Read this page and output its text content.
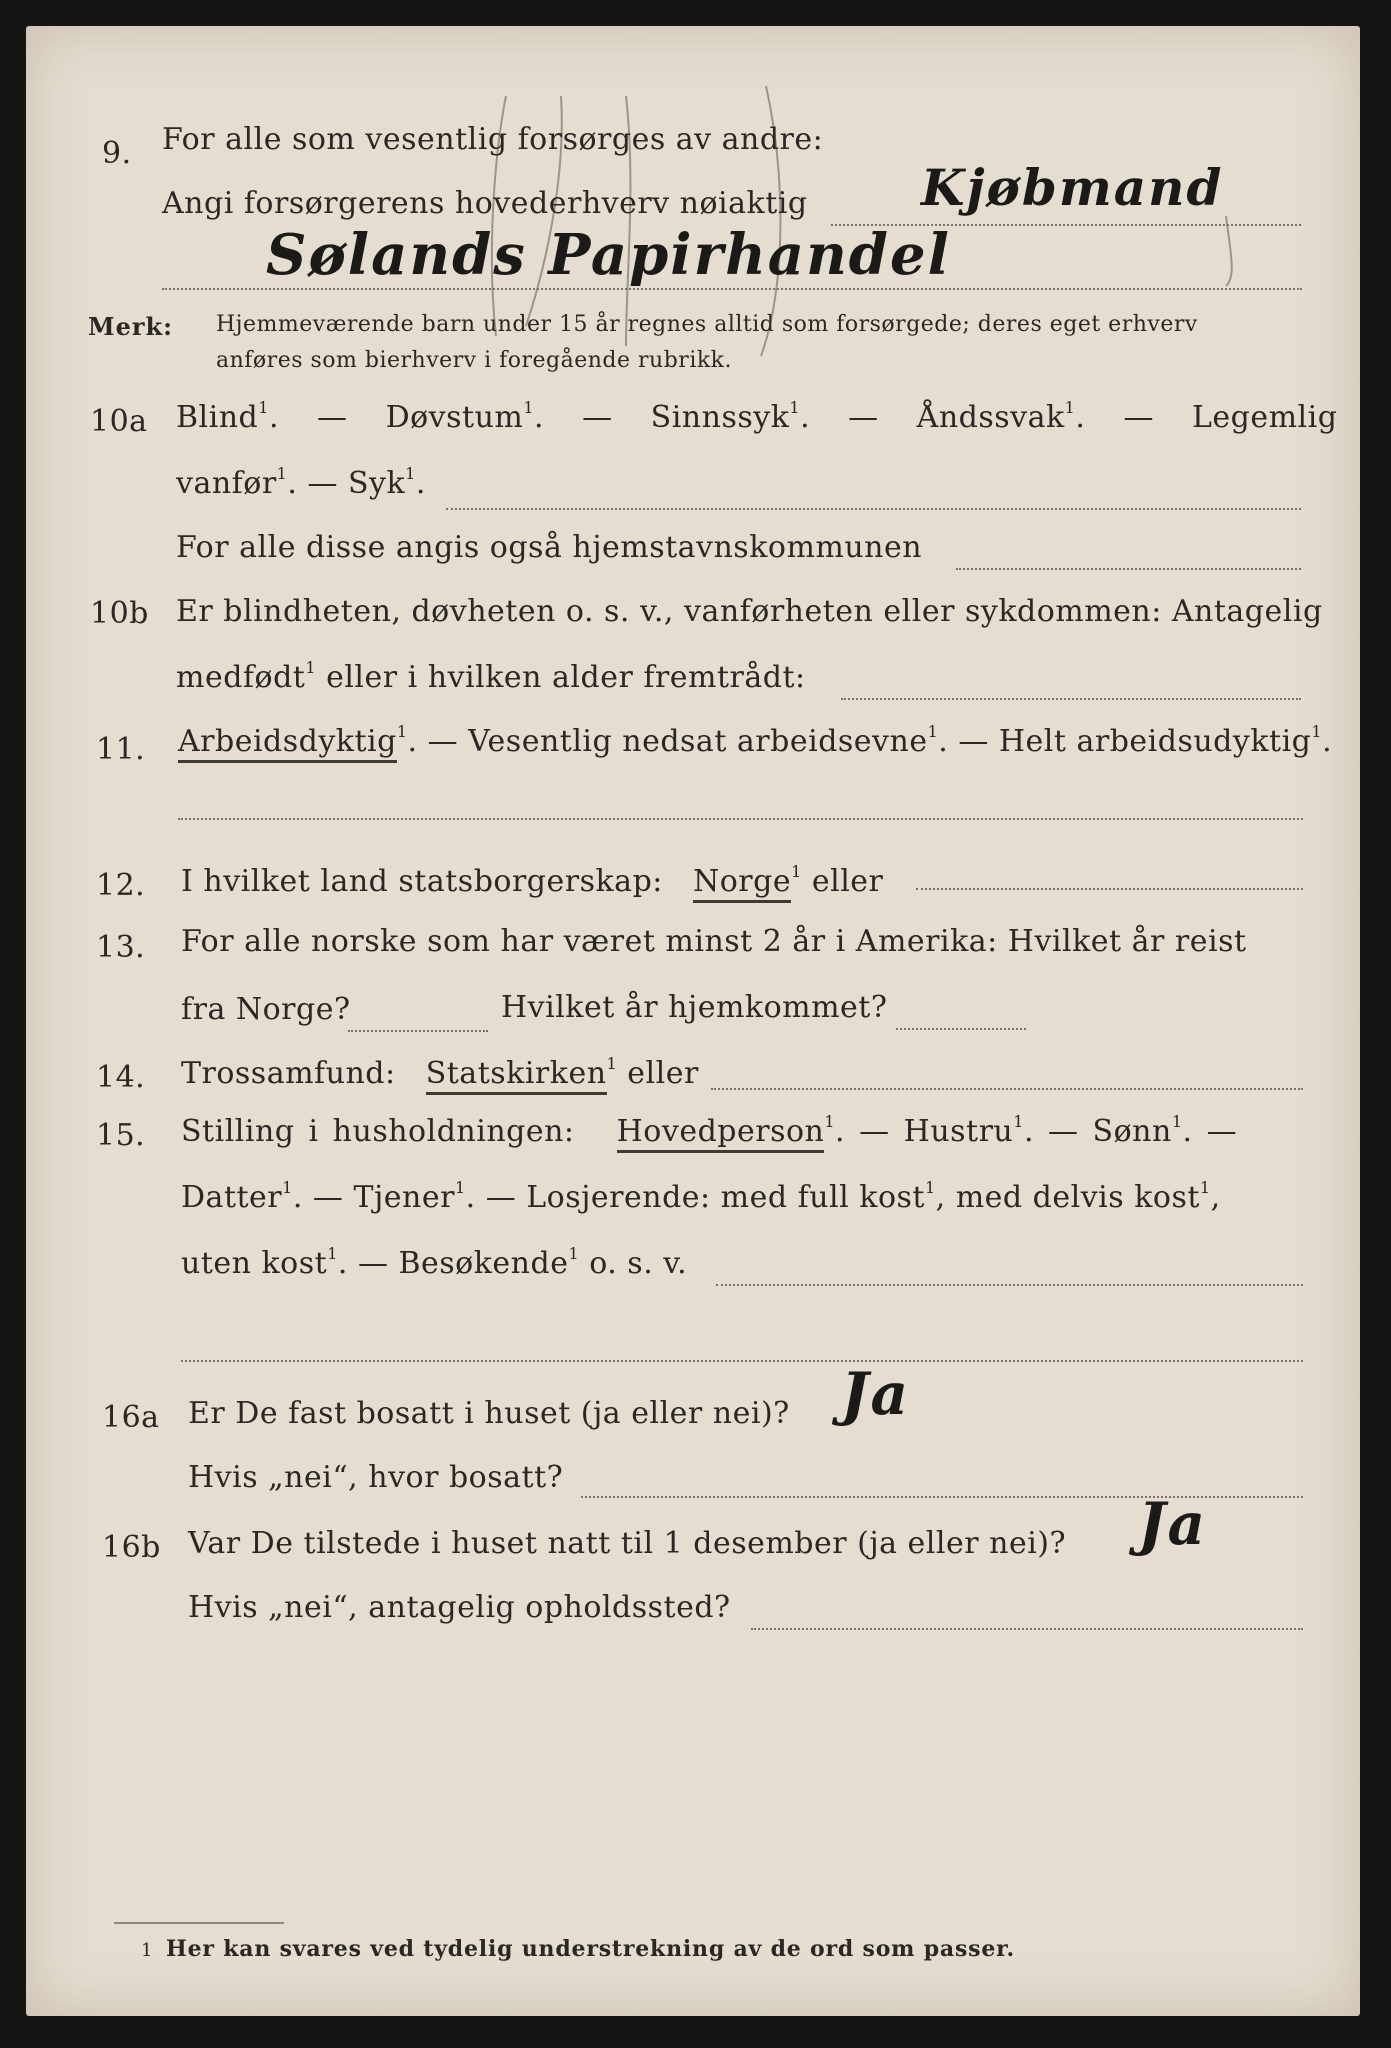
9. For alle som vesentlig forsørges av andre:
Angi forsørgerens hovederhverv nøiaktig Kjøbmand
Sølands Papirhandel
Merk: Hjemmeværende barn under 15 år regnes alltid som forsørgede; deres eget erhverv
anføres som bierhverv i foregående rubrikk.
10a Blind$^1$. — Døvstum$^1$. — Sinnssyk$^1$. — Åndssvak$^1$. — Legemlig
vanfør$^1$. — Syk$^1$.
For alle disse angis også hjemstavnskommunen
10b Er blindheten, døvheten o. s. v., vanførheten eller sykdommen: Antagelig
medfødt$^1$ eller i hvilken alder fremtrådt:
11. Arbeidsdyktig$^1$. — Vesentlig nedsat arbeidsevne$^1$. — Helt arbeidsudyktig$^1$.
12. I hvilket land statsborgerskap: Norge$^1$ eller
13. For alle norske som har været minst 2 år i Amerika: Hvilket år reist
fra Norge?	Hvilket år hjemkommet?
14. Trossamfund: Statskirken$^1$ eller
15. Stilling i husholdningen: Hovedperson$^1$. — Hustru$^1$. — Sønn$^1$. —
Datter$^1$. — Tjener$^1$. — Losjerende: med full kost$^1$, med delvis kost$^1$,
uten kost$^1$. — Besøkende$^1$ o. s. v.
16a Er De fast bosatt i huset (ja eller nei)? Ja
Hvis „nei“, hvor bosatt?
16b Var De tilstede i huset natt til 1 desember (ja eller nei)? Ja
Hvis „nei“, antagelig opholdssted?
1 Her kan svares ved tydelig understrekning av de ord som passer.
